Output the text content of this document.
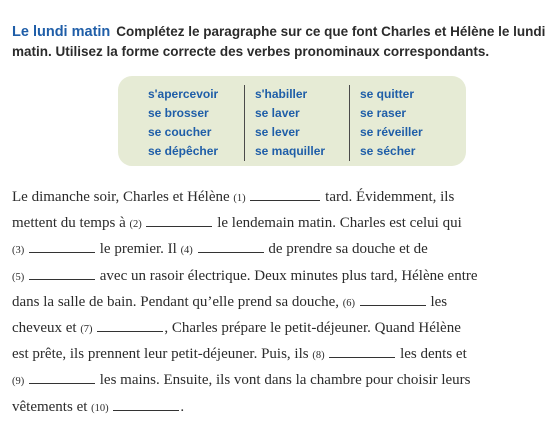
Le lundi matin Complétez le paragraphe sur ce que font Charles et Hélène le lundi matin. Utilisez la forme correcte des verbes pronominaux correspondants.
s'apercevoir
se brosser
se coucher
se dépêcher
s'habiller
se laver
se lever
se maquiller
se quitter
se raser
se réveiller
se sécher
Le dimanche soir, Charles et Hélène (1)	tard. Évidemment, ils
mettent du temps à (2)	le lendemain matin. Charles est celui qui
(3)	le premier. Il (4)	de prendre sa douche et de
(5)	avec un rasoir électrique. Deux minutes plus tard, Hélène entre
dans la salle de bain. Pendant qu’elle prend sa douche, (6)	les
cheveux et (7)	, Charles prépare le petit-déjeuner. Quand Hélène
est prête, ils prennent leur petit-déjeuner. Puis, ils (8)	les dents et
(9)	les mains. Ensuite, ils vont dans la chambre pour choisir leurs
vêtements et (10)	.
